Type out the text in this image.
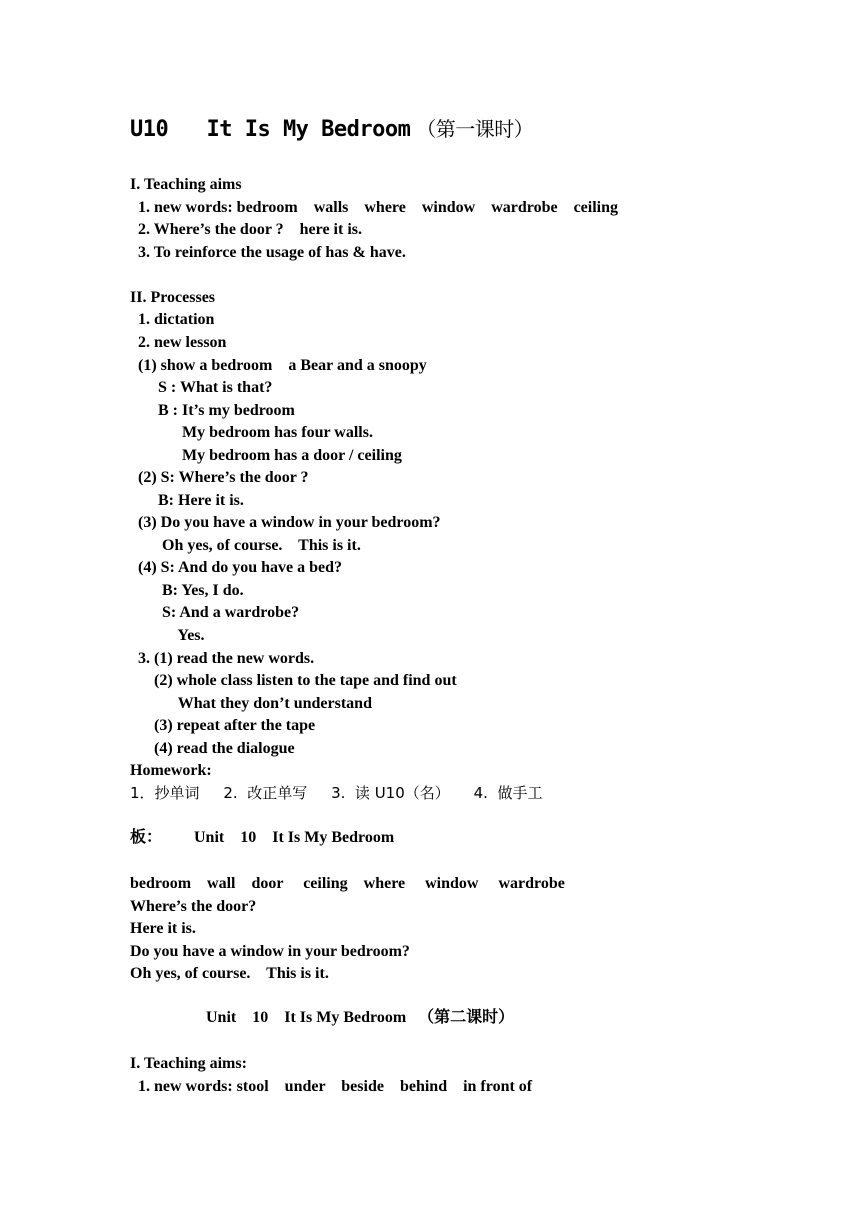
U10   It Is My Bedroom （第一课时）
I. Teaching aims
1. new words: bedroom    walls    where    window    wardrobe    ceiling
2. Where’s the door ?    here it is.
3. To reinforce the usage of has & have.
II. Processes
1. dictation
2. new lesson
(1) show a bedroom    a Bear and a snoopy
S : What is that?
B : It’s my bedroom
My bedroom has four walls.
My bedroom has a door / ceiling
(2) S: Where’s the door ?
B: Here it is.
(3) Do you have a window in your bedroom?
Oh yes, of course.    This is it.
(4) S: And do you have a bed?
B: Yes, I do.
S: And a wardrobe?
Yes.
3. (1) read the new words.
(2) whole class listen to the tape and find out
What they don’t understand
(3) repeat after the tape
(4) read the dialogue
Homework:
1．抄单词     2.  改正单写     3.  读 U10（名）     4.  做手工
板：        Unit    10    It Is My Bedroom
bedroom    wall    door     ceiling    where     window     wardrobe
Where’s the door?
Here it is.
Do you have a window in your bedroom?
Oh yes, of course.    This is it.
Unit    10    It Is My Bedroom   （第二课时）
I. Teaching aims:
1. new words: stool    under    beside    behind    in front of
